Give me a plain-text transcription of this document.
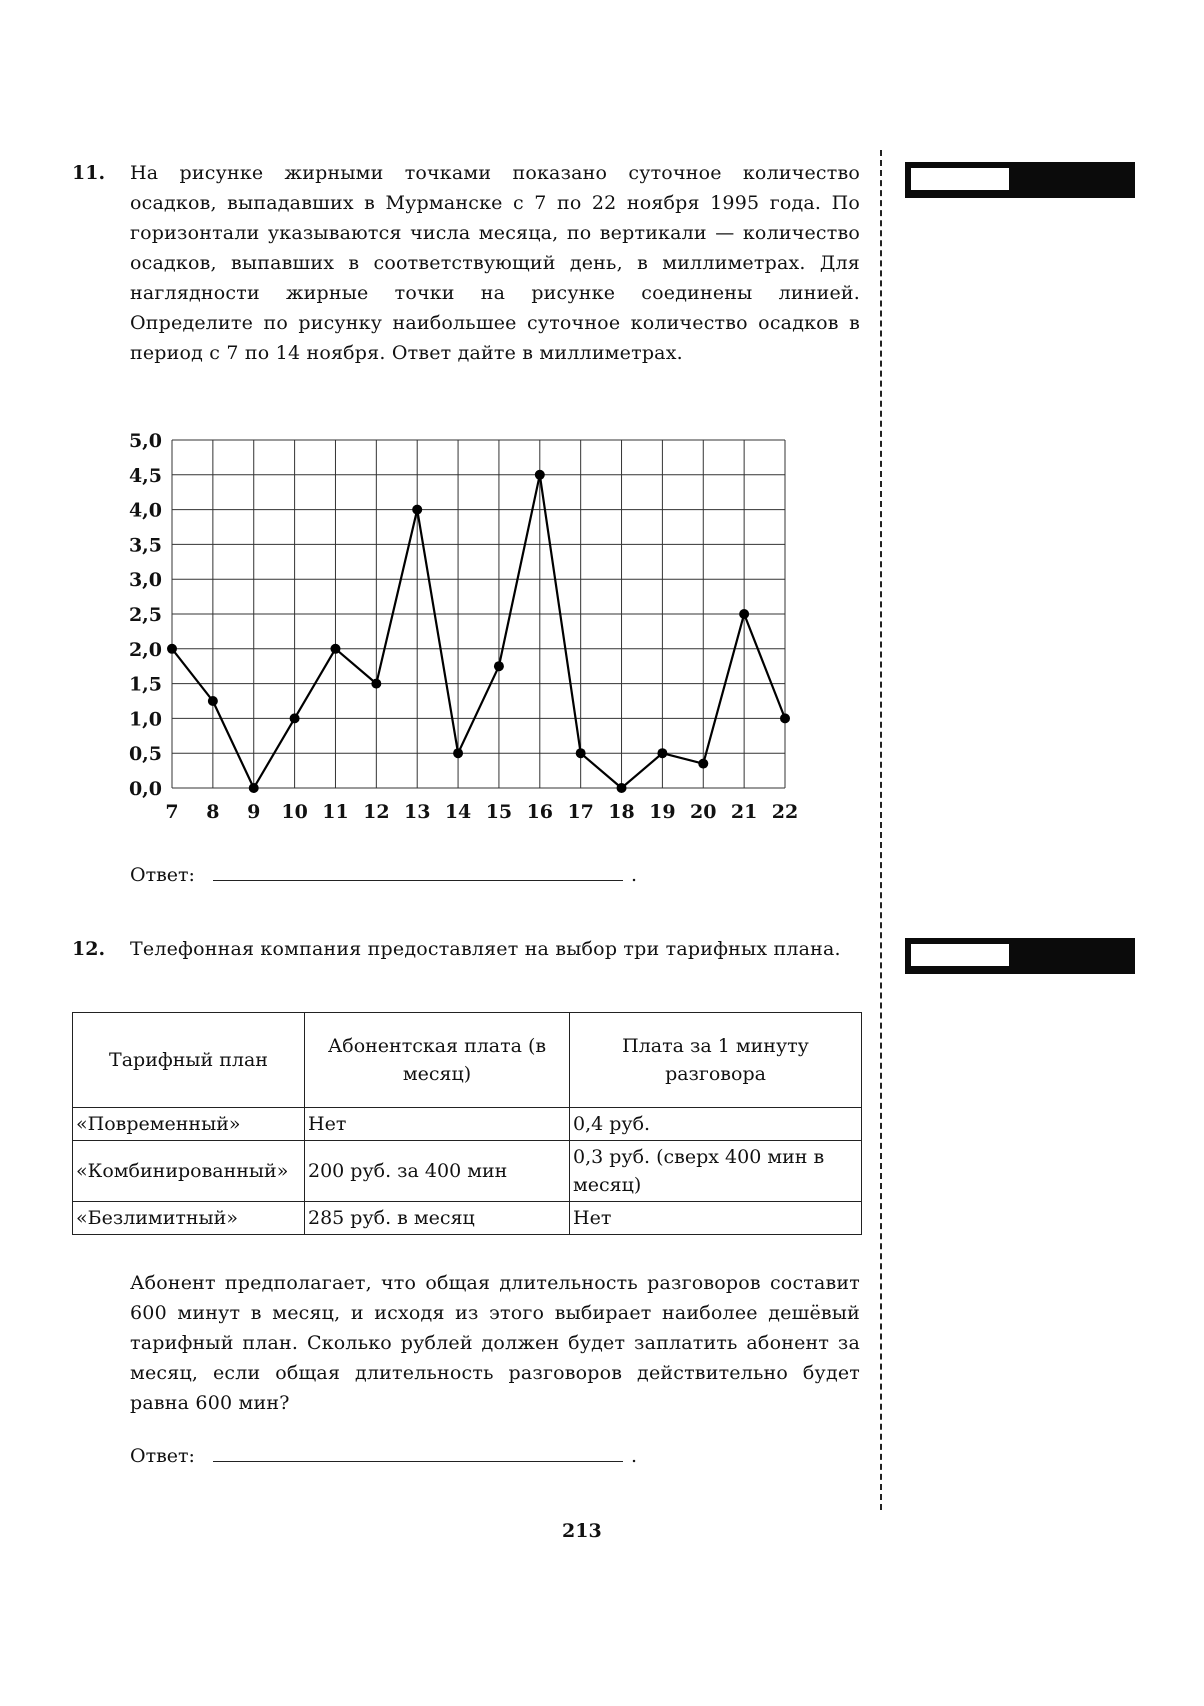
11. На рисунке жирными точками показано суточное количество осадков, выпадавших в Мурманске с 7 по 22 ноября 1995 года. По горизонтали указываются числа месяца, по вертикали — количество осадков, выпавших в соответствующий день, в миллиметрах. Для наглядности жирные точки на рисунке соединены линией. Определите по рисунку наибольшее суточное количество осадков в период с 7 по 14 ноября. Ответ дайте в миллиметрах.
0,0
0,5
1,0
1,5
2,0
2,5
3,0
3,5
4,0
4,5
5,0
7 8 9 10 11 12 13 14 15 16 17 18 19 20 21 22
Ответ:	.
12. Телефонная компания предоставляет на выбор три тарифных плана.
Тарифный план	Абонентская плата (в месяц)	Плата за 1 минуту разговора
«Повременный»	Нет	0,4 руб.
«Комбинированный»	200 руб. за 400 мин	0,3 руб. (сверх 400 мин в месяц)
«Безлимитный»	285 руб. в месяц	Нет
Абонент предполагает, что общая длительность разговоров составит 600 минут в месяц, и исходя из этого выбирает наиболее дешёвый тарифный план. Сколько рублей должен будет заплатить абонент за месяц, если общая длительность разговоров действительно будет равна 600 мин?
Ответ:	.
213
